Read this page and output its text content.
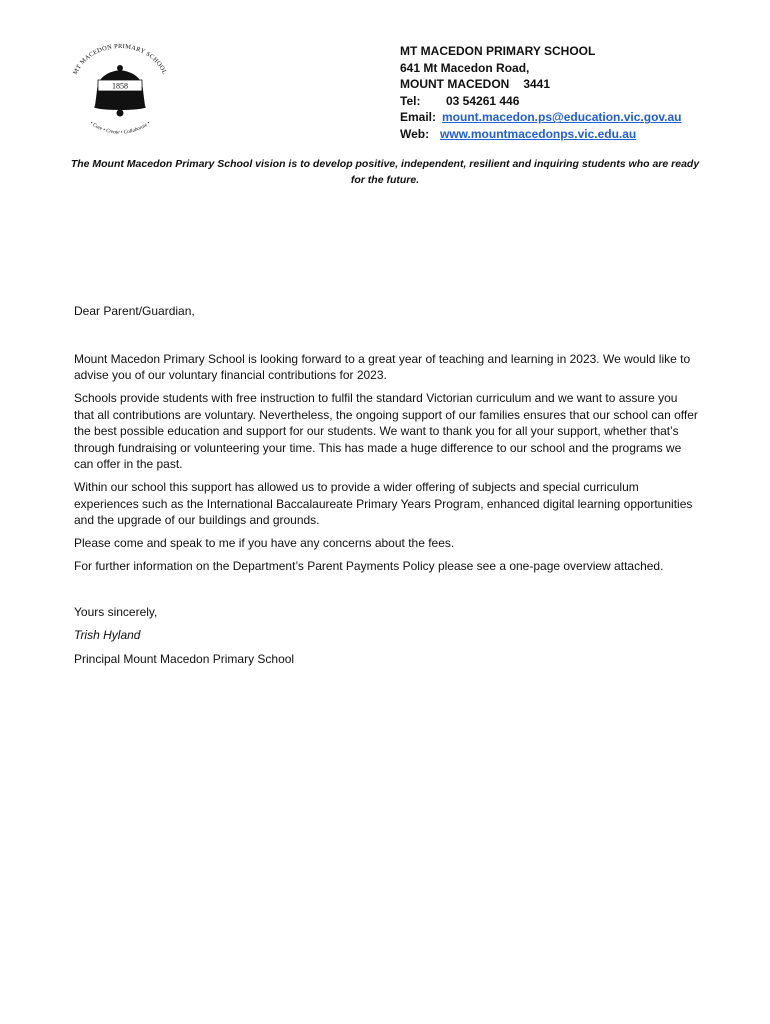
MT MACEDON PRIMARY SCHOOL
1858
• Care • Create • Collaborate •
MT MACEDON PRIMARY SCHOOL
641 Mt Macedon Road,
MOUNT MACEDON 3441
Tel: 03 54261 446
Email: mount.macedon.ps@education.vic.gov.au
Web: www.mountmacedonps.vic.edu.au
The Mount Macedon Primary School vision is to develop positive, independent, resilient and inquiring students who are ready for the future.

Dear Parent/Guardian,

Mount Macedon Primary School is looking forward to a great year of teaching and learning in 2023. We would like to advise you of our voluntary financial contributions for 2023.

Schools provide students with free instruction to fulfil the standard Victorian curriculum and we want to assure you that all contributions are voluntary. Nevertheless, the ongoing support of our families ensures that our school can offer the best possible education and support for our students. We want to thank you for all your support, whether that’s through fundraising or volunteering your time. This has made a huge difference to our school and the programs we can offer in the past.

Within our school this support has allowed us to provide a wider offering of subjects and special curriculum experiences such as the International Baccalaureate Primary Years Program, enhanced digital learning opportunities and the upgrade of our buildings and grounds.

Please come and speak to me if you have any concerns about the fees.

For further information on the Department’s Parent Payments Policy please see a one-page overview attached.

Yours sincerely,

Trish Hyland

Principal Mount Macedon Primary School
